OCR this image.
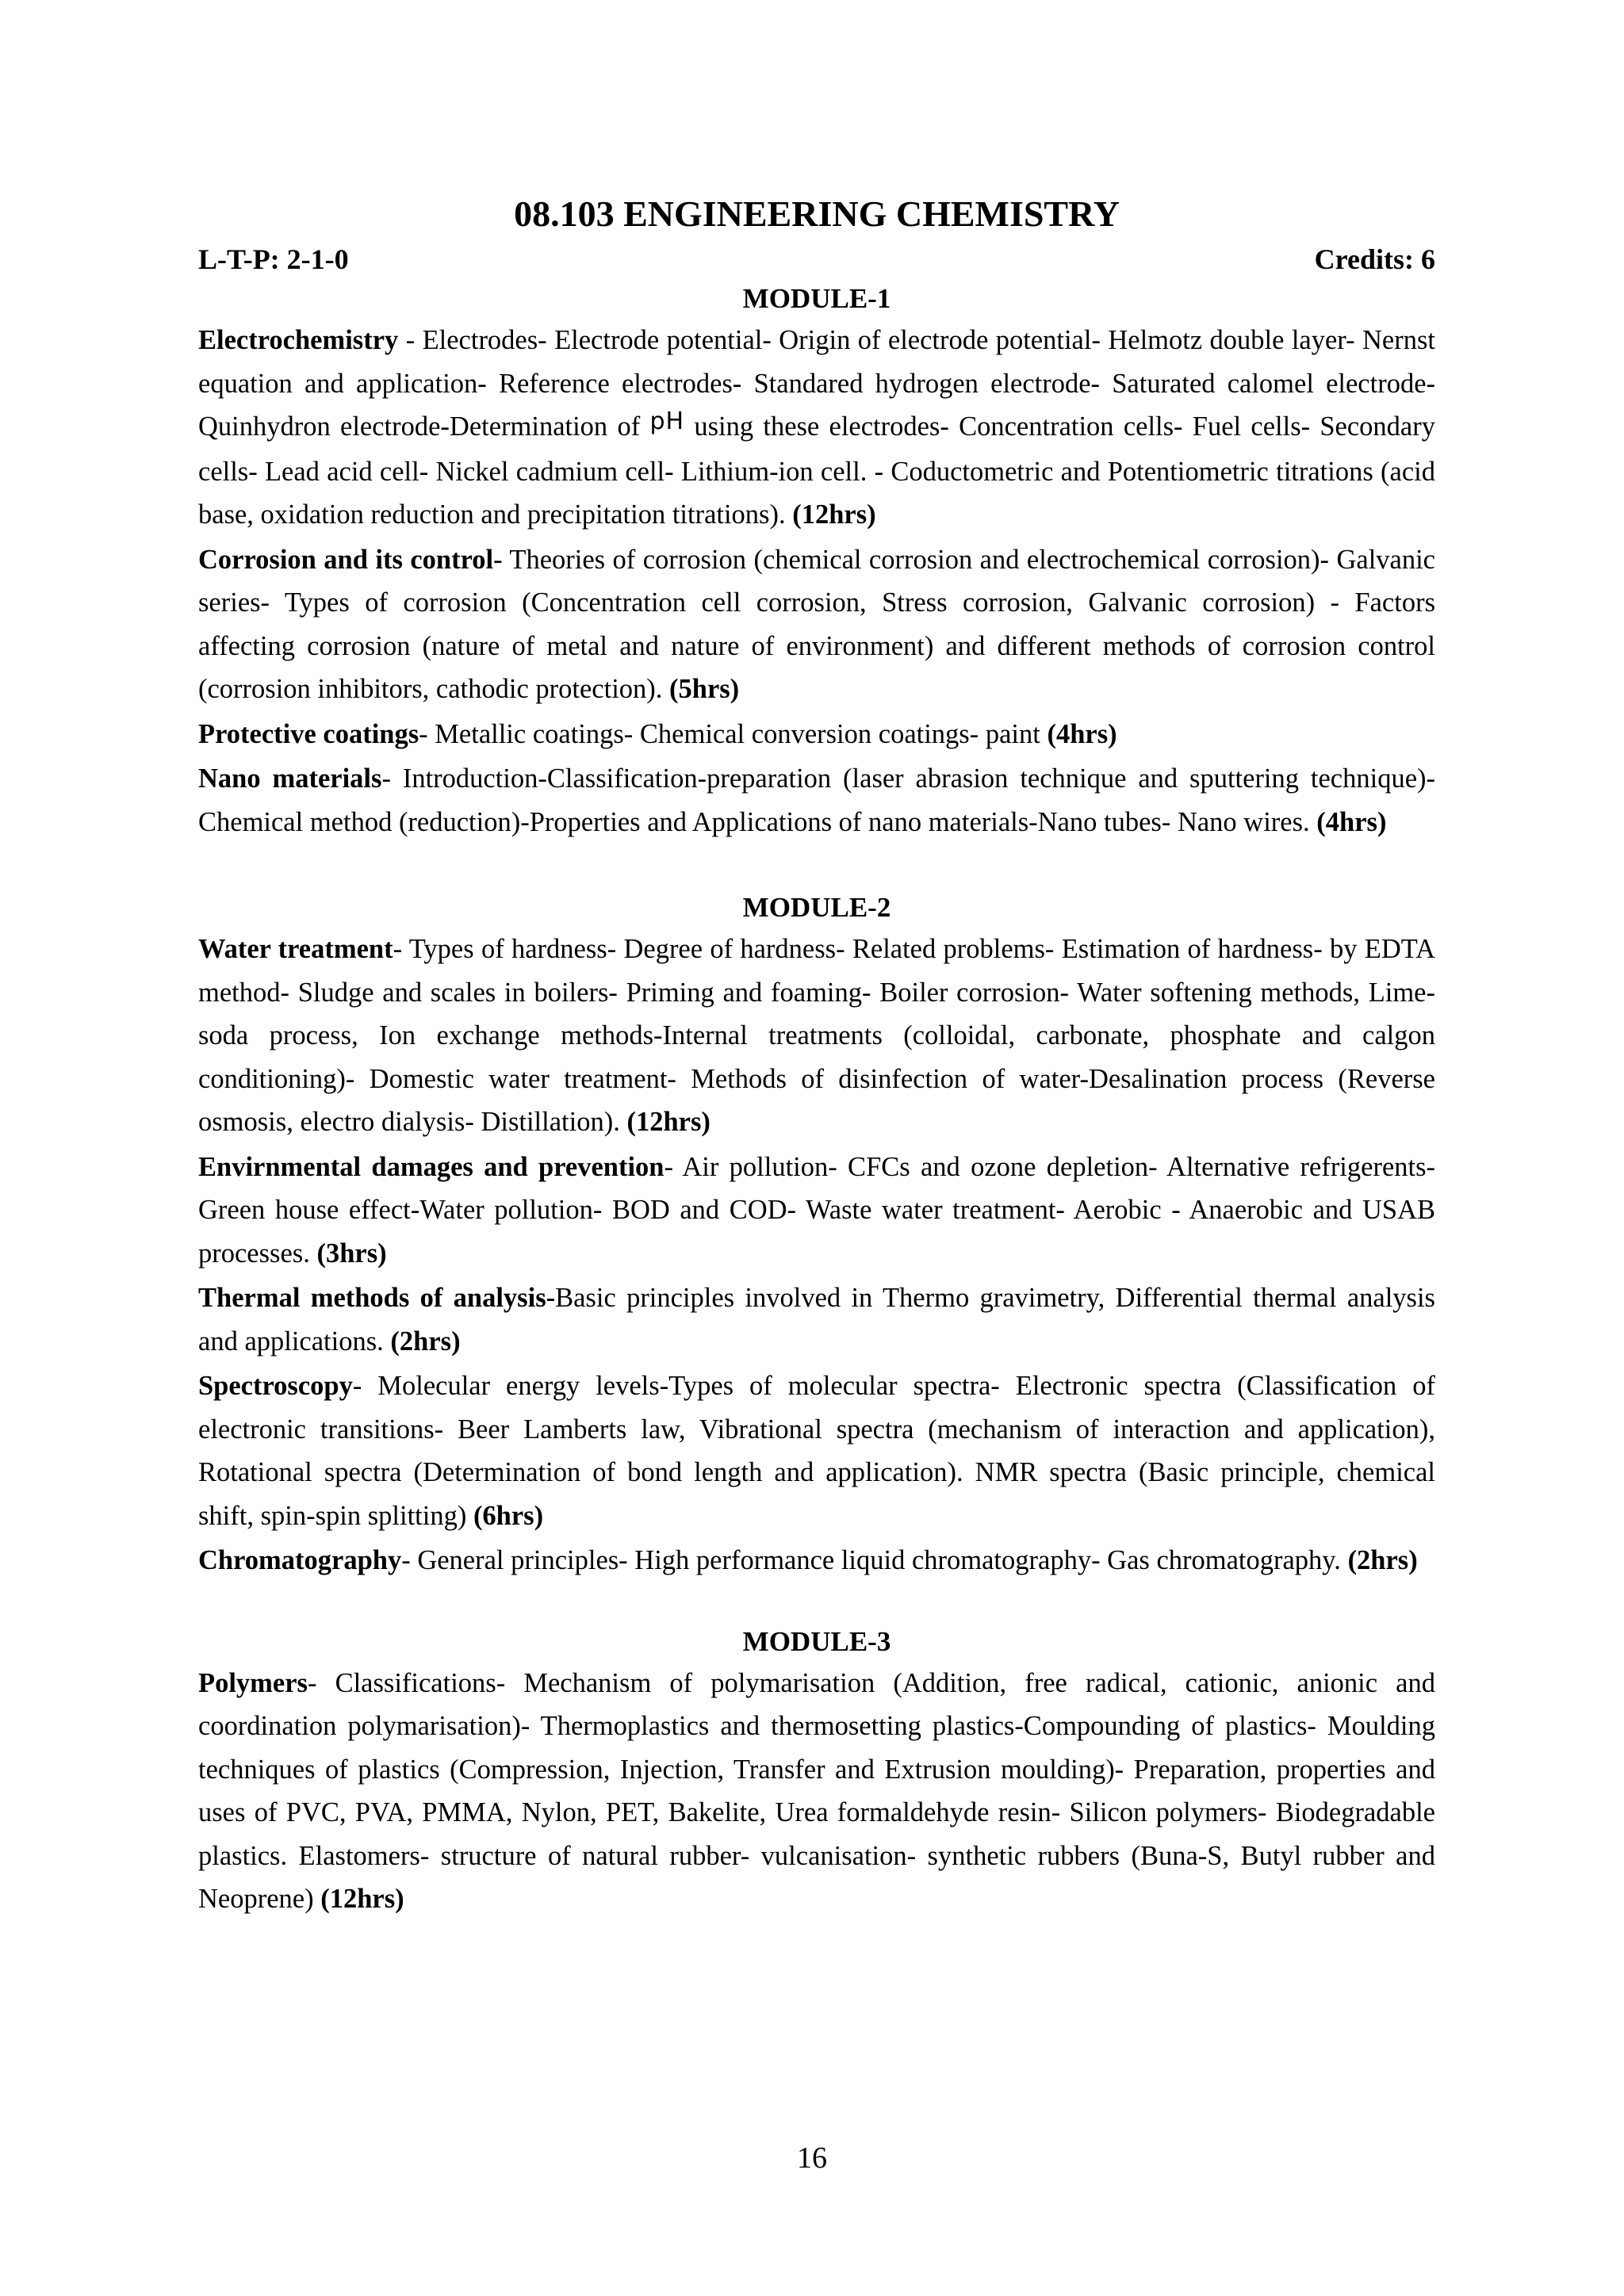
08.103 ENGINEERING CHEMISTRY
L-T-P: 2-1-0	Credits: 6
MODULE-1

Electrochemistry - Electrodes- Electrode potential- Origin of electrode potential- Helmotz double layer- Nernst equation and application- Reference electrodes- Standared hydrogen electrode- Saturated calomel electrode- Quinhydron electrode-Determination of pH using these electrodes- Concentration cells- Fuel cells- Secondary cells- Lead acid cell- Nickel cadmium cell- Lithium-ion cell. - Coductometric and Potentiometric titrations (acid base, oxidation reduction and precipitation titrations). (12hrs)

Corrosion and its control- Theories of corrosion (chemical corrosion and electrochemical corrosion)- Galvanic series- Types of corrosion (Concentration cell corrosion, Stress corrosion, Galvanic corrosion) - Factors affecting corrosion (nature of metal and nature of environment) and different methods of corrosion control (corrosion inhibitors, cathodic protection). (5hrs)

Protective coatings- Metallic coatings- Chemical conversion coatings- paint (4hrs)

Nano materials- Introduction-Classification-preparation (laser abrasion technique and sputtering technique)- Chemical method (reduction)-Properties and Applications of nano materials-Nano tubes- Nano wires. (4hrs)

MODULE-2

Water treatment- Types of hardness- Degree of hardness- Related problems- Estimation of hardness- by EDTA method- Sludge and scales in boilers- Priming and foaming- Boiler corrosion- Water softening methods, Lime-soda process, Ion exchange methods-Internal treatments (colloidal, carbonate, phosphate and calgon conditioning)- Domestic water treatment- Methods of disinfection of water-Desalination process (Reverse osmosis, electro dialysis- Distillation). (12hrs)

Envirnmental damages and prevention- Air pollution- CFCs and ozone depletion- Alternative refrigerents-Green house effect-Water pollution- BOD and COD- Waste water treatment- Aerobic - Anaerobic and USAB processes. (3hrs)

Thermal methods of analysis-Basic principles involved in Thermo gravimetry, Differential thermal analysis and applications. (2hrs)

Spectroscopy- Molecular energy levels-Types of molecular spectra- Electronic spectra (Classification of electronic transitions- Beer Lamberts law, Vibrational spectra (mechanism of interaction and application), Rotational spectra (Determination of bond length and application). NMR spectra (Basic principle, chemical shift, spin-spin splitting) (6hrs)

Chromatography- General principles- High performance liquid chromatography- Gas chromatography. (2hrs)

MODULE-3

Polymers- Classifications- Mechanism of polymarisation (Addition, free radical, cationic, anionic and coordination polymarisation)- Thermoplastics and thermosetting plastics-Compounding of plastics- Moulding techniques of plastics (Compression, Injection, Transfer and Extrusion moulding)- Preparation, properties and uses of PVC, PVA, PMMA, Nylon, PET, Bakelite, Urea formaldehyde resin- Silicon polymers- Biodegradable plastics. Elastomers- structure of natural rubber- vulcanisation- synthetic rubbers (Buna-S, Butyl rubber and Neoprene) (12hrs)

16
